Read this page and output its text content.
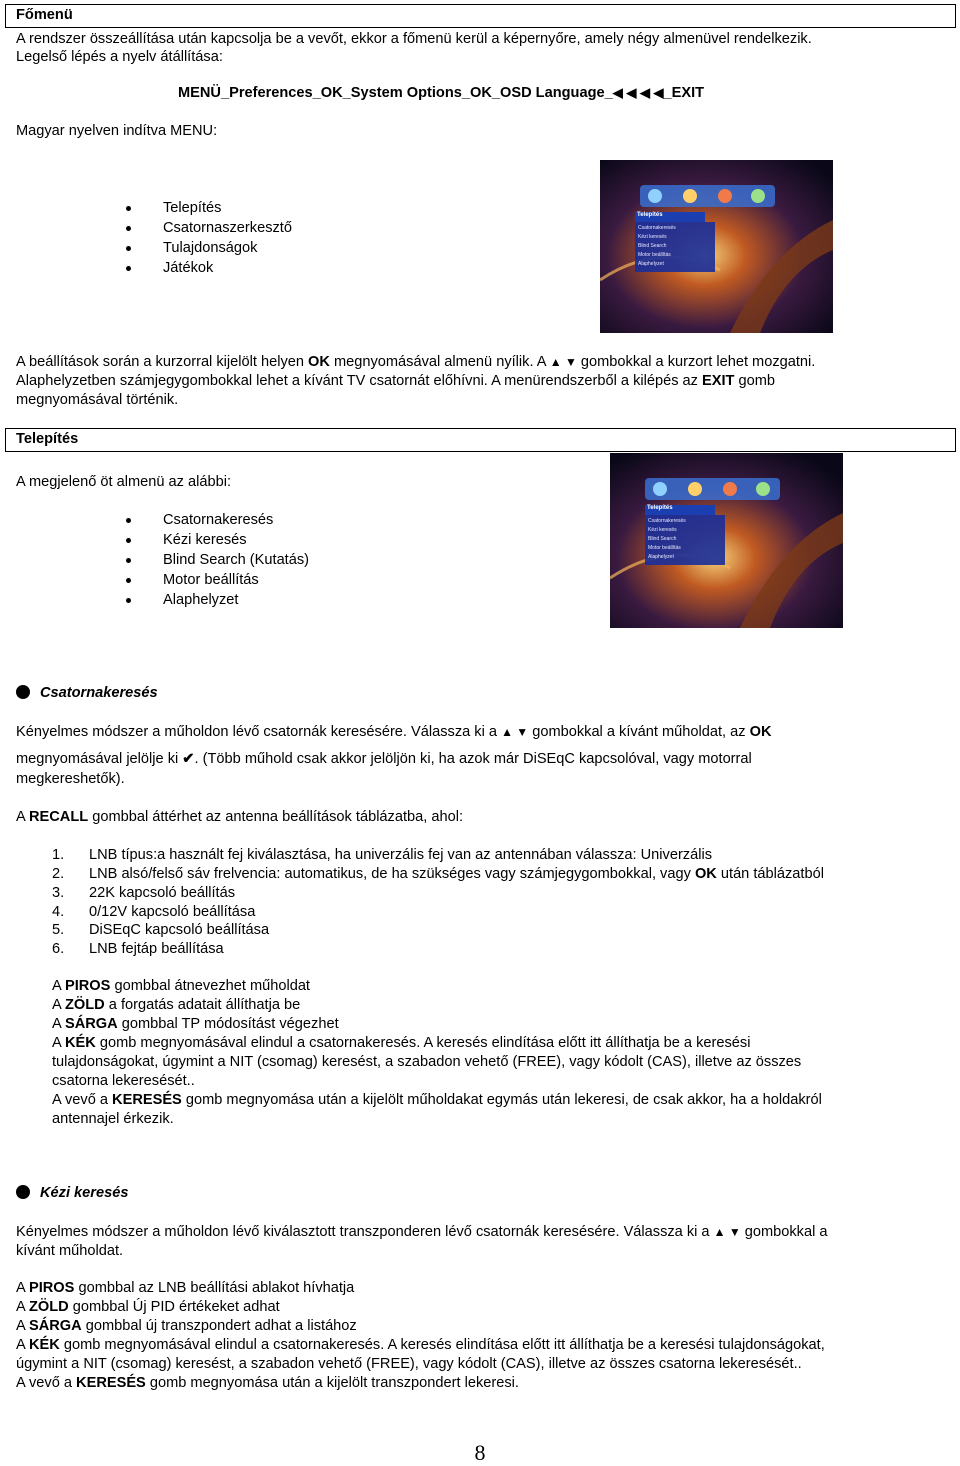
Főmenü
A rendszer összeállítása után kapcsolja be a vevőt, ekkor a főmenü kerül a képernyőre, amely négy almenüvel rendelkezik.
Legelső lépés a nyelv átállítása:
MENÜ_Preferences_OK_System Options_OK_OSD Language_◀ ◀ ◀ ◀_EXIT
Magyar nyelven indítva MENU:
Telepítés
Csatornaszerkesztő
Tulajdonságok
Játékok
Telepítés
Csatornakeresés
Kézi keresés
Blind Search
Motor beállítás
Alaphelyzet
A beállítások során a kurzorral kijelölt helyen OK megnyomásával almenü nyílik. A ▲ ▼ gombokkal a kurzort lehet mozgatni.
Alaphelyzetben számjegygombokkal lehet a kívánt TV csatornát előhívni. A menürendszerből a kilépés az EXIT gomb
megnyomásával történik.
Telepítés
A megjelenő öt almenü az alábbi:
Csatornakeresés
Kézi keresés
Blind Search (Kutatás)
Motor beállítás
Alaphelyzet
Telepítés
Csatornakeresés
Kézi keresés
Blind Search
Motor beállítás
Alaphelyzet
Csatornakeresés
Kényelmes módszer a műholdon lévő csatornák keresésére. Válassza ki a ▲ ▼ gombokkal a kívánt műholdat, az OK
megnyomásával jelölje ki ✔. (Több műhold csak akkor jelöljön ki, ha azok már DiSEqC kapcsolóval, vagy motorral
megkereshetők).
A RECALL gombbal áttérhet az antenna beállítások táblázatba, ahol:
1. LNB típus:a használt fej kiválasztása, ha univerzális fej van az antennában válassza: Univerzális
2. LNB alsó/felső sáv frelvencia: automatikus, de ha szükséges vagy számjegygombokkal, vagy OK után táblázatból
3. 22K kapcsoló beállítás
4. 0/12V kapcsoló beállítása
5. DiSEqC kapcsoló beállítása
6. LNB fejtáp beállítása
A PIROS gombbal átnevezhet műholdat
A ZÖLD a forgatás adatait állíthatja be
A SÁRGA gombbal TP módosítást végezhet
A KÉK gomb megnyomásával elindul a csatornakeresés. A keresés elindítása előtt itt állíthatja be a keresési
tulajdonságokat, úgymint a NIT (csomag) keresést, a szabadon vehető (FREE), vagy kódolt (CAS), illetve az összes
csatorna lekeresését..
A vevő a KERESÉS gomb megnyomása után a kijelölt műholdakat egymás után lekeresi, de csak akkor, ha a holdakról
antennajel érkezik.
Kézi keresés
Kényelmes módszer a műholdon lévő kiválasztott transzponderen lévő csatornák keresésére. Válassza ki a ▲ ▼ gombokkal a
kívánt műholdat.
A PIROS gombbal az LNB beállítási ablakot hívhatja
A ZÖLD gombbal Új PID értékeket adhat
A SÁRGA gombbal új transzpondert adhat a listához
A KÉK gomb megnyomásával elindul a csatornakeresés. A keresés elindítása előtt itt állíthatja be a keresési tulajdonságokat,
úgymint a NIT (csomag) keresést, a szabadon vehető (FREE), vagy kódolt (CAS), illetve az összes csatorna lekeresését..
A vevő a KERESÉS gomb megnyomása után a kijelölt transzpondert lekeresi.
8
